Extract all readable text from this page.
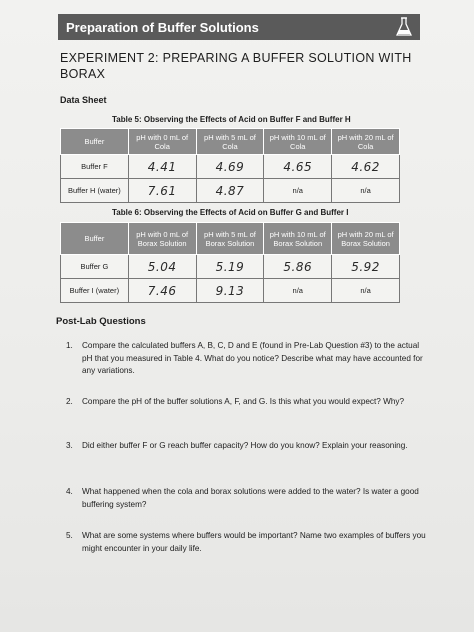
Preparation of Buffer Solutions
EXPERIMENT 2: PREPARING A BUFFER SOLUTION WITH BORAX
Data Sheet
Table 5: Observing the Effects of Acid on Buffer F and Buffer H
Buffer	pH with 0 mL of Cola	pH with 5 mL of Cola	pH with 10 mL of Cola	pH with 20 mL of Cola
Buffer F	4.41	4.69	4.65	4.62
Buffer H (water)	7.61	4.87	n/a	n/a
Table 6: Observing the Effects of Acid on Buffer G and Buffer I
Buffer	pH with 0 mL of Borax Solution	pH with 5 mL of Borax Solution	pH with 10 mL of Borax Solution	pH with 20 mL of Borax Solution
Buffer G	5.04	5.19	5.86	5.92
Buffer I (water)	7.46	9.13	n/a	n/a
Post-Lab Questions
1. Compare the calculated buffers A, B, C, D and E (found in Pre-Lab Question #3) to the actual pH that you measured in Table 4. What do you notice? Describe what may have accounted for any variations.
2. Compare the pH of the buffer solutions A, F, and G. Is this what you would expect? Why?
3. Did either buffer F or G reach buffer capacity? How do you know? Explain your reasoning.
4. What happened when the cola and borax solutions were added to the water? Is water a good buffering system?
5. What are some systems where buffers would be important? Name two examples of buffers you might encounter in your daily life.
